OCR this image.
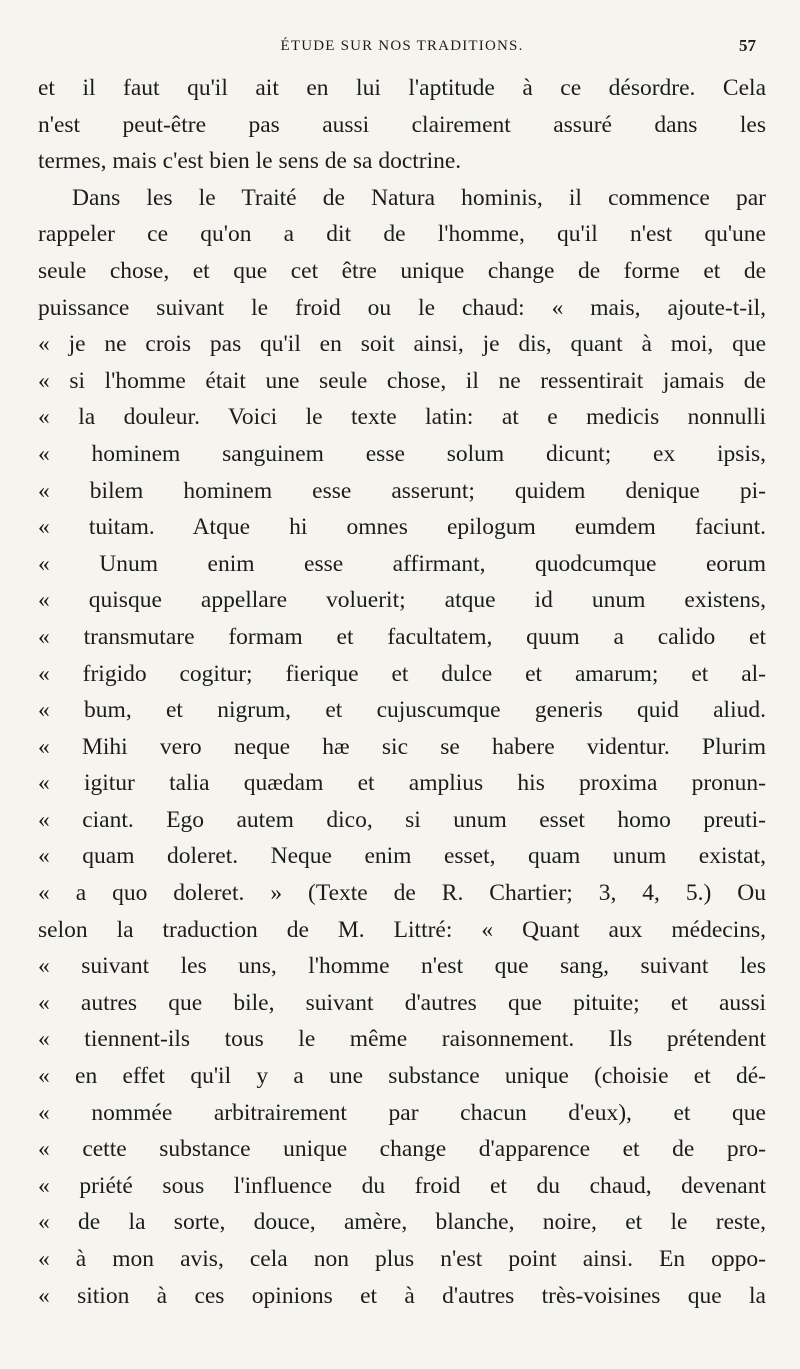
ÉTUDE SUR NOS TRADITIONS.	57
et il faut qu'il ait en lui l'aptitude à ce désordre. Cela
n'est peut-être pas aussi clairement assuré dans les
termes, mais c'est bien le sens de sa doctrine.
Dans les le Traité de Natura hominis, il commence par
rappeler ce qu'on a dit de l'homme, qu'il n'est qu'une
seule chose, et que cet être unique change de forme et de
puissance suivant le froid ou le chaud: « mais, ajoute-t-il,
« je ne crois pas qu'il en soit ainsi, je dis, quant à moi, que
« si l'homme était une seule chose, il ne ressentirait jamais de
« la douleur. Voici le texte latin: at e medicis nonnulli
« hominem sanguinem esse solum dicunt; ex ipsis,
« bilem hominem esse asserunt; quidem denique pi-
« tuitam. Atque hi omnes epilogum eumdem faciunt.
« Unum enim esse affirmant, quodcumque eorum
« quisque appellare voluerit; atque id unum existens,
« transmutare formam et facultatem, quum a calido et
« frigido cogitur; fierique et dulce et amarum; et al-
« bum, et nigrum, et cujuscumque generis quid aliud.
« Mihi vero neque hæ sic se habere videntur. Plurim
« igitur talia quædam et amplius his proxima pronun-
« ciant. Ego autem dico, si unum esset homo preuti-
« quam doleret. Neque enim esset, quam unum existat,
« a quo doleret. » (Texte de R. Chartier; 3, 4, 5.) Ou
selon la traduction de M. Littré: « Quant aux médecins,
« suivant les uns, l'homme n'est que sang, suivant les
« autres que bile, suivant d'autres que pituite; et aussi
« tiennent-ils tous le même raisonnement. Ils prétendent
« en effet qu'il y a une substance unique (choisie et dé-
« nommée arbitrairement par chacun d'eux), et que
« cette substance unique change d'apparence et de pro-
« priété sous l'influence du froid et du chaud, devenant
« de la sorte, douce, amère, blanche, noire, et le reste,
« à mon avis, cela non plus n'est point ainsi. En oppo-
« sition à ces opinions et à d'autres très-voisines que la
